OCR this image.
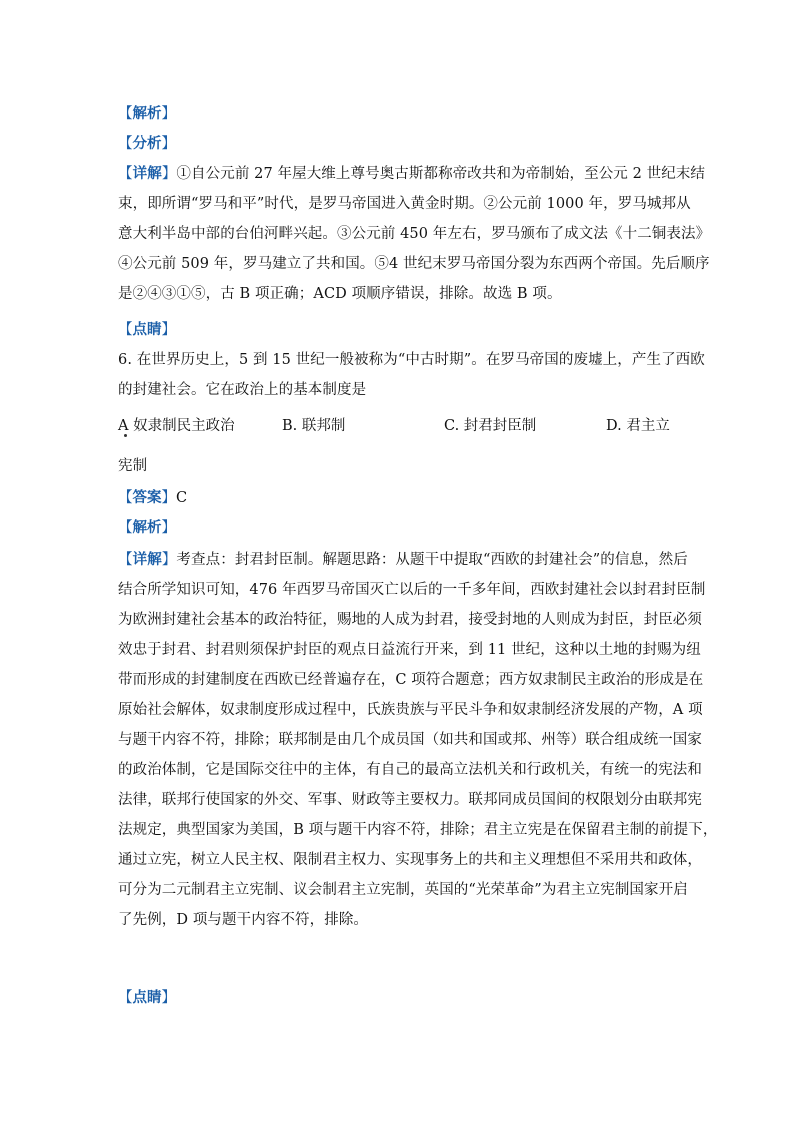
【解析】
【分析】
【详解】①自公元前 27 年屋大维上尊号奥古斯都称帝改共和为帝制始，至公元 2 世纪末结
束，即所谓“罗马和平”时代，是罗马帝国进入黄金时期。②公元前 1000 年，罗马城邦从
意大利半岛中部的台伯河畔兴起。③公元前 450 年左右，罗马颁布了成文法《十二铜表法》
④公元前 509 年，罗马建立了共和国。⑤4 世纪末罗马帝国分裂为东西两个帝国。先后顺序
是②④③①⑤，古 B 项正确；ACD 项顺序错误，排除。故选 B 项。
【点睛】
6. 在世界历史上，5 到 15 世纪一般被称为“中古时期”。在罗马帝国的废墟上，产生了西欧
的封建社会。它在政治上的基本制度是
A 奴隶制民主政治	B. 联邦制	C. 封君封臣制	D. 君主立
宪制
【答案】C
【解析】
【详解】考查点：封君封臣制。解题思路：从题干中提取“西欧的封建社会”的信息，然后
结合所学知识可知，476 年西罗马帝国灭亡以后的一千多年间，西欧封建社会以封君封臣制
为欧洲封建社会基本的政治特征，赐地的人成为封君，接受封地的人则成为封臣，封臣必须
效忠于封君、封君则须保护封臣的观点日益流行开来，到 11 世纪，这种以土地的封赐为纽
带而形成的封建制度在西欧已经普遍存在，C 项符合题意；西方奴隶制民主政治的形成是在
原始社会解体，奴隶制度形成过程中，氏族贵族与平民斗争和奴隶制经济发展的产物，A 项
与题干内容不符，排除；联邦制是由几个成员国（如共和国或邦、州等）联合组成统一国家
的政治体制，它是国际交往中的主体，有自己的最高立法机关和行政机关，有统一的宪法和
法律，联邦行使国家的外交、军事、财政等主要权力。联邦同成员国间的权限划分由联邦宪
法规定，典型国家为美国，B 项与题干内容不符，排除；君主立宪是在保留君主制的前提下，
通过立宪，树立人民主权、限制君主权力、实现事务上的共和主义理想但不采用共和政体，
可分为二元制君主立宪制、议会制君主立宪制，英国的“光荣革命”为君主立宪制国家开启
了先例，D 项与题干内容不符，排除。
【点睛】
